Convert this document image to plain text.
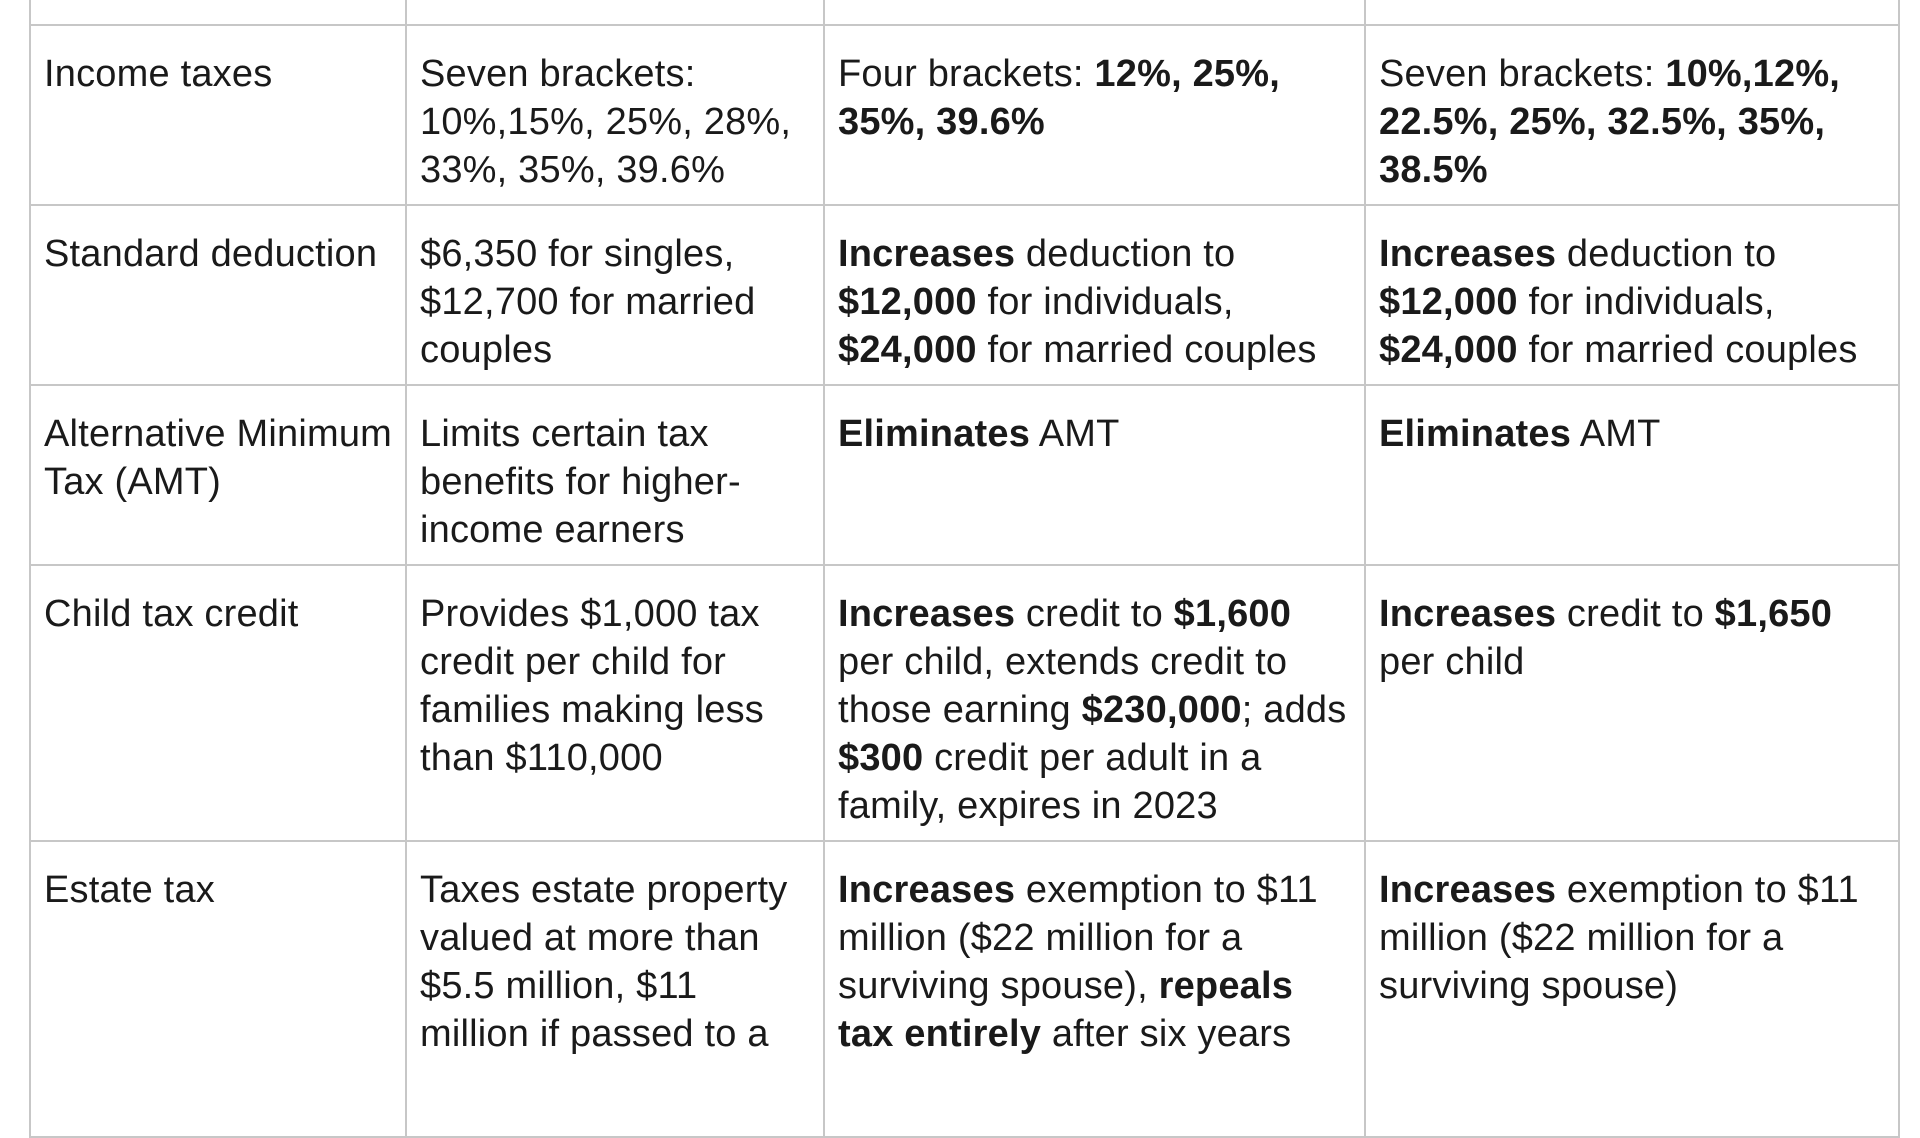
Income taxes	Seven brackets: 10%,15%, 25%, 28%, 33%, 35%, 39.6%	Four brackets: 12%, 25%, 35%, 39.6%	Seven brackets: 10%,12%, 22.5%, 25%, 32.5%, 35%, 38.5%
Standard deduction	$6,350 for singles, $12,700 for married couples	Increases deduction to $12,000 for individuals, $24,000 for married couples	Increases deduction to $12,000 for individuals, $24,000 for married couples
Alternative Minimum Tax (AMT)	Limits certain tax benefits for higher-income earners	Eliminates AMT	Eliminates AMT
Child tax credit	Provides $1,000 tax credit per child for families making less than $110,000	Increases credit to $1,600 per child, extends credit to those earning $230,000; adds $300 credit per adult in a family, expires in 2023	Increases credit to $1,650 per child
Estate tax	Taxes estate property valued at more than $5.5 million, $11 million if passed to a	Increases exemption to $11 million ($22 million for a surviving spouse), repeals tax entirely after six years	Increases exemption to $11 million ($22 million for a surviving spouse)
